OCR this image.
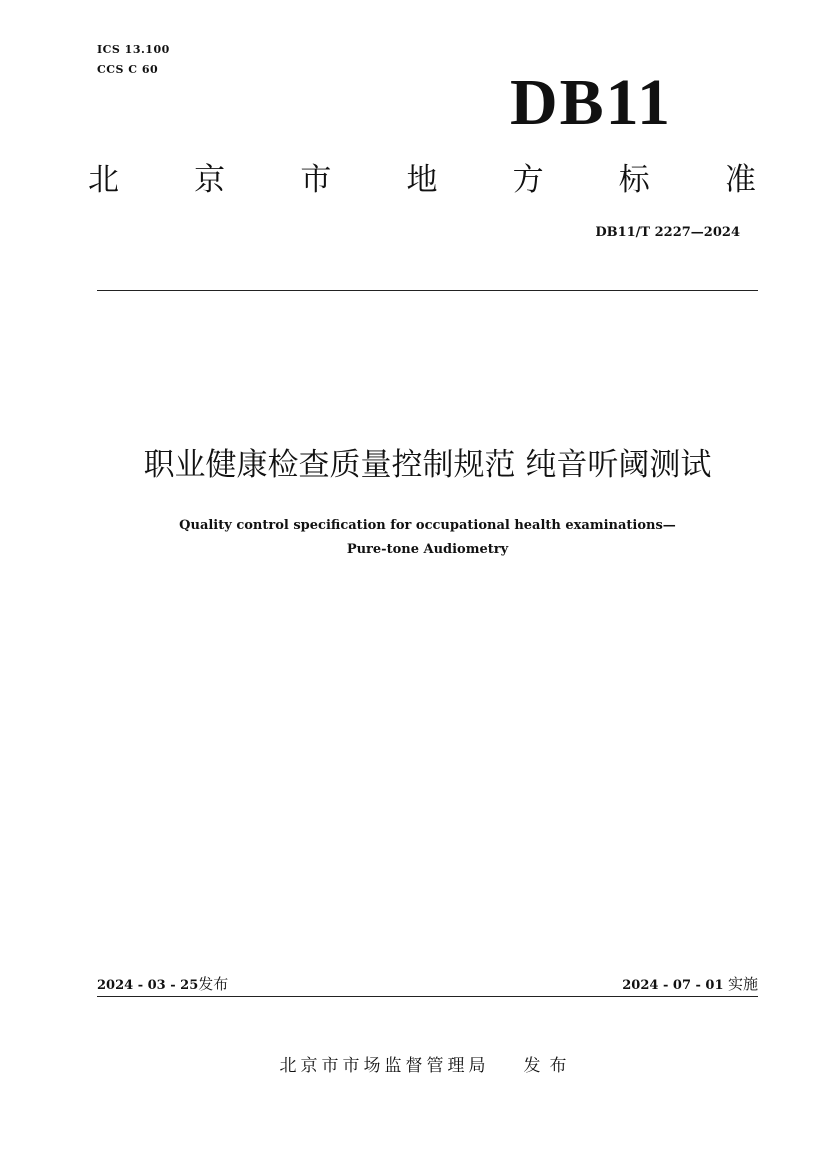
ICS 13.100
CCS C 60	DB11
北 京 市 地 方 标 准
DB11/T 2227—2024
职业健康检查质量控制规范 纯音听阈测试
Quality control specification for occupational health examinations—
Pure-tone Audiometry
2024 - 03 - 25发布	2024 - 07 - 01 实施
北京市市场监督管理局 发布
